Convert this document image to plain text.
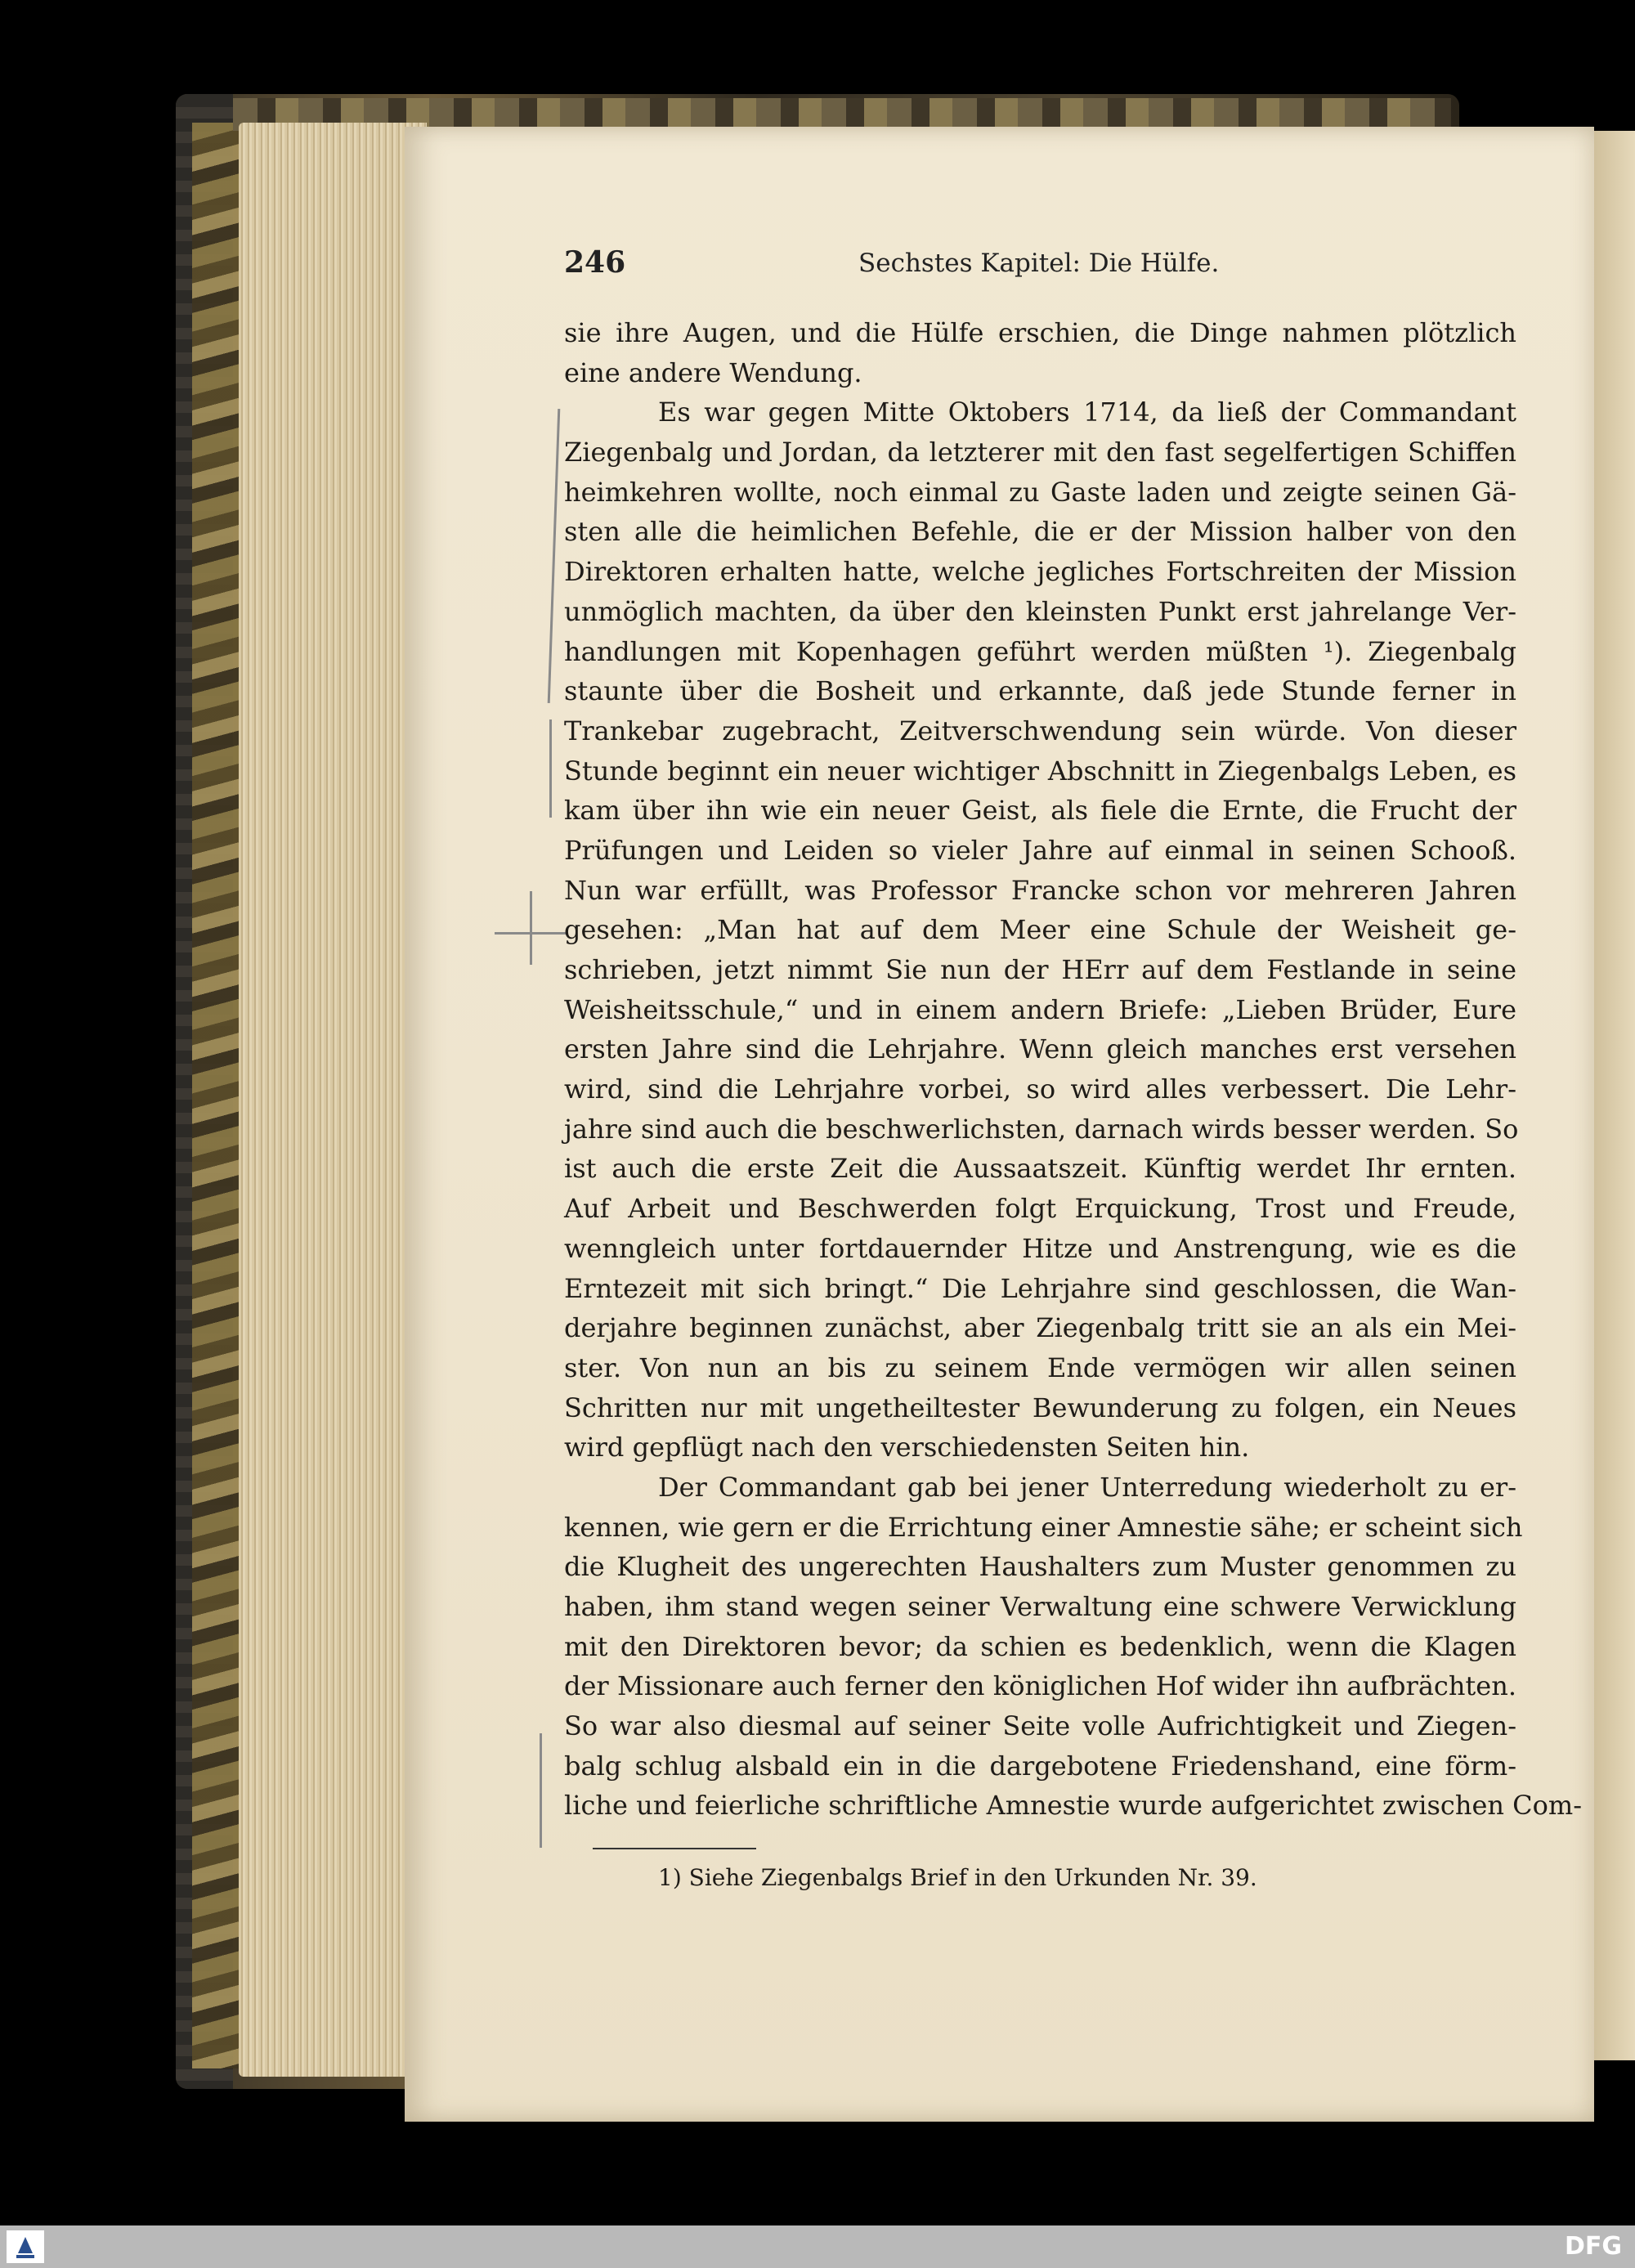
246	Sechstes Kapitel: Die Hülfe.
sie ihre Augen, und die Hülfe erschien, die Dinge nahmen plötzlich
eine andere Wendung.
Es war gegen Mitte Oktobers 1714, da ließ der Commandant
Ziegenbalg und Jordan, da letzterer mit den fast segelfertigen Schiffen
heimkehren wollte, noch einmal zu Gaste laden und zeigte seinen Gä-
sten alle die heimlichen Befehle, die er der Mission halber von den
Direktoren erhalten hatte, welche jegliches Fortschreiten der Mission
unmöglich machten, da über den kleinsten Punkt erst jahrelange Ver-
handlungen mit Kopenhagen geführt werden müßten ¹). Ziegenbalg
staunte über die Bosheit und erkannte, daß jede Stunde ferner in
Trankebar zugebracht, Zeitverschwendung sein würde. Von dieser
Stunde beginnt ein neuer wichtiger Abschnitt in Ziegenbalgs Leben, es
kam über ihn wie ein neuer Geist, als fiele die Ernte, die Frucht der
Prüfungen und Leiden so vieler Jahre auf einmal in seinen Schooß.
Nun war erfüllt, was Professor Francke schon vor mehreren Jahren
gesehen: „Man hat auf dem Meer eine Schule der Weisheit ge-
schrieben, jetzt nimmt Sie nun der HErr auf dem Festlande in seine
Weisheitsschule,“ und in einem andern Briefe: „Lieben Brüder, Eure
ersten Jahre sind die Lehrjahre. Wenn gleich manches erst versehen
wird, sind die Lehrjahre vorbei, so wird alles verbessert. Die Lehr-
jahre sind auch die beschwerlichsten, darnach wirds besser werden. So
ist auch die erste Zeit die Aussaatszeit. Künftig werdet Ihr ernten.
Auf Arbeit und Beschwerden folgt Erquickung, Trost und Freude,
wenngleich unter fortdauernder Hitze und Anstrengung, wie es die
Erntezeit mit sich bringt.“ Die Lehrjahre sind geschlossen, die Wan-
derjahre beginnen zunächst, aber Ziegenbalg tritt sie an als ein Mei-
ster. Von nun an bis zu seinem Ende vermögen wir allen seinen
Schritten nur mit ungetheiltester Bewunderung zu folgen, ein Neues
wird gepflügt nach den verschiedensten Seiten hin.
Der Commandant gab bei jener Unterredung wiederholt zu er-
kennen, wie gern er die Errichtung einer Amnestie sähe; er scheint sich
die Klugheit des ungerechten Haushalters zum Muster genommen zu
haben, ihm stand wegen seiner Verwaltung eine schwere Verwicklung
mit den Direktoren bevor; da schien es bedenklich, wenn die Klagen
der Missionare auch ferner den königlichen Hof wider ihn aufbrächten.
So war also diesmal auf seiner Seite volle Aufrichtigkeit und Ziegen-
balg schlug alsbald ein in die dargebotene Friedenshand, eine förm-
liche und feierliche schriftliche Amnestie wurde aufgerichtet zwischen Com-
1) Siehe Ziegenbalgs Brief in den Urkunden Nr. 39.
DFG
